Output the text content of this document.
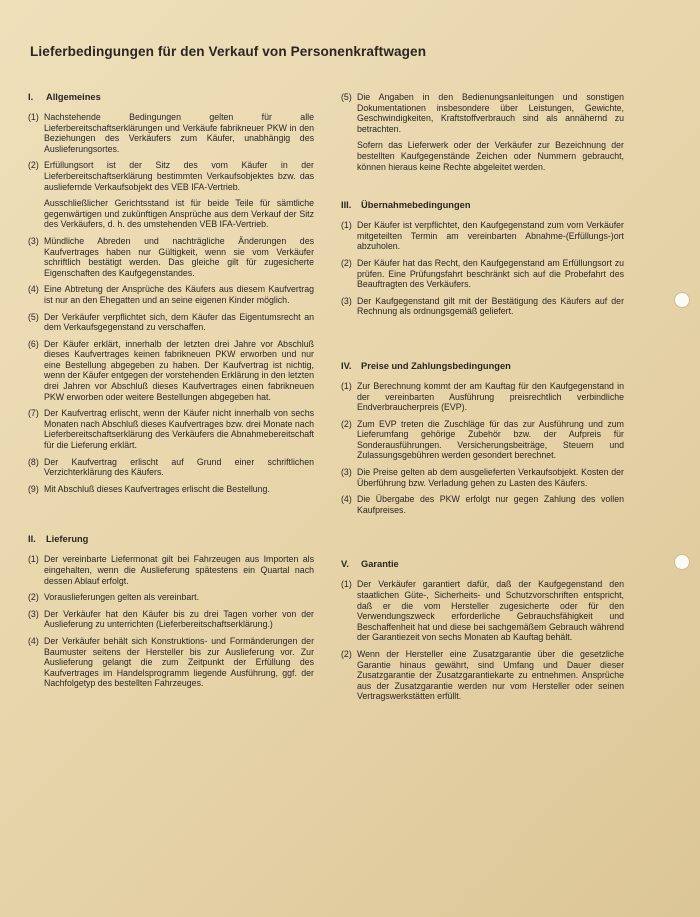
Lieferbedingungen für den Verkauf von Personenkraftwagen
I.	Allgemeines
(1) Nachstehende Bedingungen gelten für alle Lieferbereitschaftserklärungen und Verkäufe fabrikneuer PKW in den Beziehungen des Verkäufers zum Käufer, unabhängig des Auslieferungsortes.
(2) Erfüllungsort ist der Sitz des vom Käufer in der Lieferbereitschaftserklärung bestimmten Verkaufsobjektes bzw. das ausliefernde Verkaufsobjekt des VEB IFA-Vertrieb.
Ausschließlicher Gerichtsstand ist für beide Teile für sämtliche gegenwärtigen und zukünftigen Ansprüche aus dem Verkauf der Sitz des Verkäufers, d. h. des umstehenden VEB IFA-Vertrieb.
(3) Mündliche Abreden und nachträgliche Änderungen des Kaufvertrages haben nur Gültigkeit, wenn sie vom Verkäufer schriftlich bestätigt werden. Das gleiche gilt für zugesicherte Eigenschaften des Kaufgegenstandes.
(4) Eine Abtretung der Ansprüche des Käufers aus diesem Kaufvertrag ist nur an den Ehegatten und an seine eigenen Kinder möglich.
(5) Der Verkäufer verpflichtet sich, dem Käufer das Eigentumsrecht an dem Verkaufsgegenstand zu verschaffen.
(6) Der Käufer erklärt, innerhalb der letzten drei Jahre vor Abschluß dieses Kaufvertrages keinen fabrikneuen PKW erworben und nur eine Bestellung abgegeben zu haben. Der Kaufvertrag ist nichtig, wenn der Käufer entgegen der vorstehenden Erklärung in den letzten drei Jahren vor Abschluß dieses Kaufvertrages einen fabrikneuen PKW erworben oder weitere Bestellungen abgegeben hat.
(7) Der Kaufvertrag erlischt, wenn der Käufer nicht innerhalb von sechs Monaten nach Abschluß dieses Kaufvertrages bzw. drei Monate nach Lieferbereitschaftserklärung des Verkäufers die Abnahmebereitschaft für die Lieferung erklärt.
(8) Der Kaufvertrag erlischt auf Grund einer schriftlichen Verzichterklärung des Käufers.
(9) Mit Abschluß dieses Kaufvertrages erlischt die Bestellung.
II.	Lieferung
(1) Der vereinbarte Liefermonat gilt bei Fahrzeugen aus Importen als eingehalten, wenn die Auslieferung spätestens ein Quartal nach dessen Ablauf erfolgt.
(2) Vorauslieferungen gelten als vereinbart.
(3) Der Verkäufer hat den Käufer bis zu drei Tagen vorher von der Auslieferung zu unterrichten (Lieferbereitschaftserklärung.)
(4) Der Verkäufer behält sich Konstruktions- und Formänderungen der Baumuster seitens der Hersteller bis zur Auslieferung vor. Zur Auslieferung gelangt die zum Zeitpunkt der Erfüllung des Kaufvertrages im Handelsprogramm liegende Ausführung, ggf. der Nachfolgetyp des bestellten Fahrzeuges.
(5) Die Angaben in den Bedienungsanleitungen und sonstigen Dokumentationen insbesondere über Leistungen, Gewichte, Geschwindigkeiten, Kraftstoffverbrauch sind als annähernd zu betrachten.
Sofern das Lieferwerk oder der Verkäufer zur Bezeichnung der bestellten Kaufgegenstände Zeichen oder Nummern gebraucht, können hieraus keine Rechte abgeleitet werden.
III.	Übernahmebedingungen
(1) Der Käufer ist verpflichtet, den Kaufgegenstand zum vom Verkäufer mitgeteilten Termin am vereinbarten Abnahme-(Erfüllungs-)ort abzuholen.
(2) Der Käufer hat das Recht, den Kaufgegenstand am Erfüllungsort zu prüfen. Eine Prüfungsfahrt beschränkt sich auf die Probefahrt des Beauftragten des Verkäufers.
(3) Der Kaufgegenstand gilt mit der Bestätigung des Käufers auf der Rechnung als ordnungsgemäß geliefert.
IV.	Preise und Zahlungsbedingungen
(1) Zur Berechnung kommt der am Kauftag für den Kaufgegenstand in der vereinbarten Ausführung preisrechtlich verbindliche Endverbraucherpreis (EVP).
(2) Zum EVP treten die Zuschläge für das zur Ausführung und zum Lieferumfang gehörige Zubehör bzw. der Aufpreis für Sonderausführungen. Versicherungsbeiträge, Steuern und Zulassungsgebühren werden gesondert berechnet.
(3) Die Preise gelten ab dem ausgelieferten Verkaufsobjekt. Kosten der Überführung bzw. Verladung gehen zu Lasten des Käufers.
(4) Die Übergabe des PKW erfolgt nur gegen Zahlung des vollen Kaufpreises.
V.	Garantie
(1) Der Verkäufer garantiert dafür, daß der Kaufgegenstand den staatlichen Güte-, Sicherheits- und Schutzvorschriften entspricht, daß er die vom Hersteller zugesicherte oder für den Verwendungszweck erforderliche Gebrauchsfähigkeit und Beschaffenheit hat und diese bei sachgemäßem Gebrauch während der Garantiezeit von sechs Monaten ab Kauftag behält.
(2) Wenn der Hersteller eine Zusatzgarantie über die gesetzliche Garantie hinaus gewährt, sind Umfang und Dauer dieser Zusatzgarantie der Zusatzgarantiekarte zu entnehmen. Ansprüche aus der Zusatzgarantie werden nur vom Hersteller oder seinen Vertragswerkstätten erfüllt.
